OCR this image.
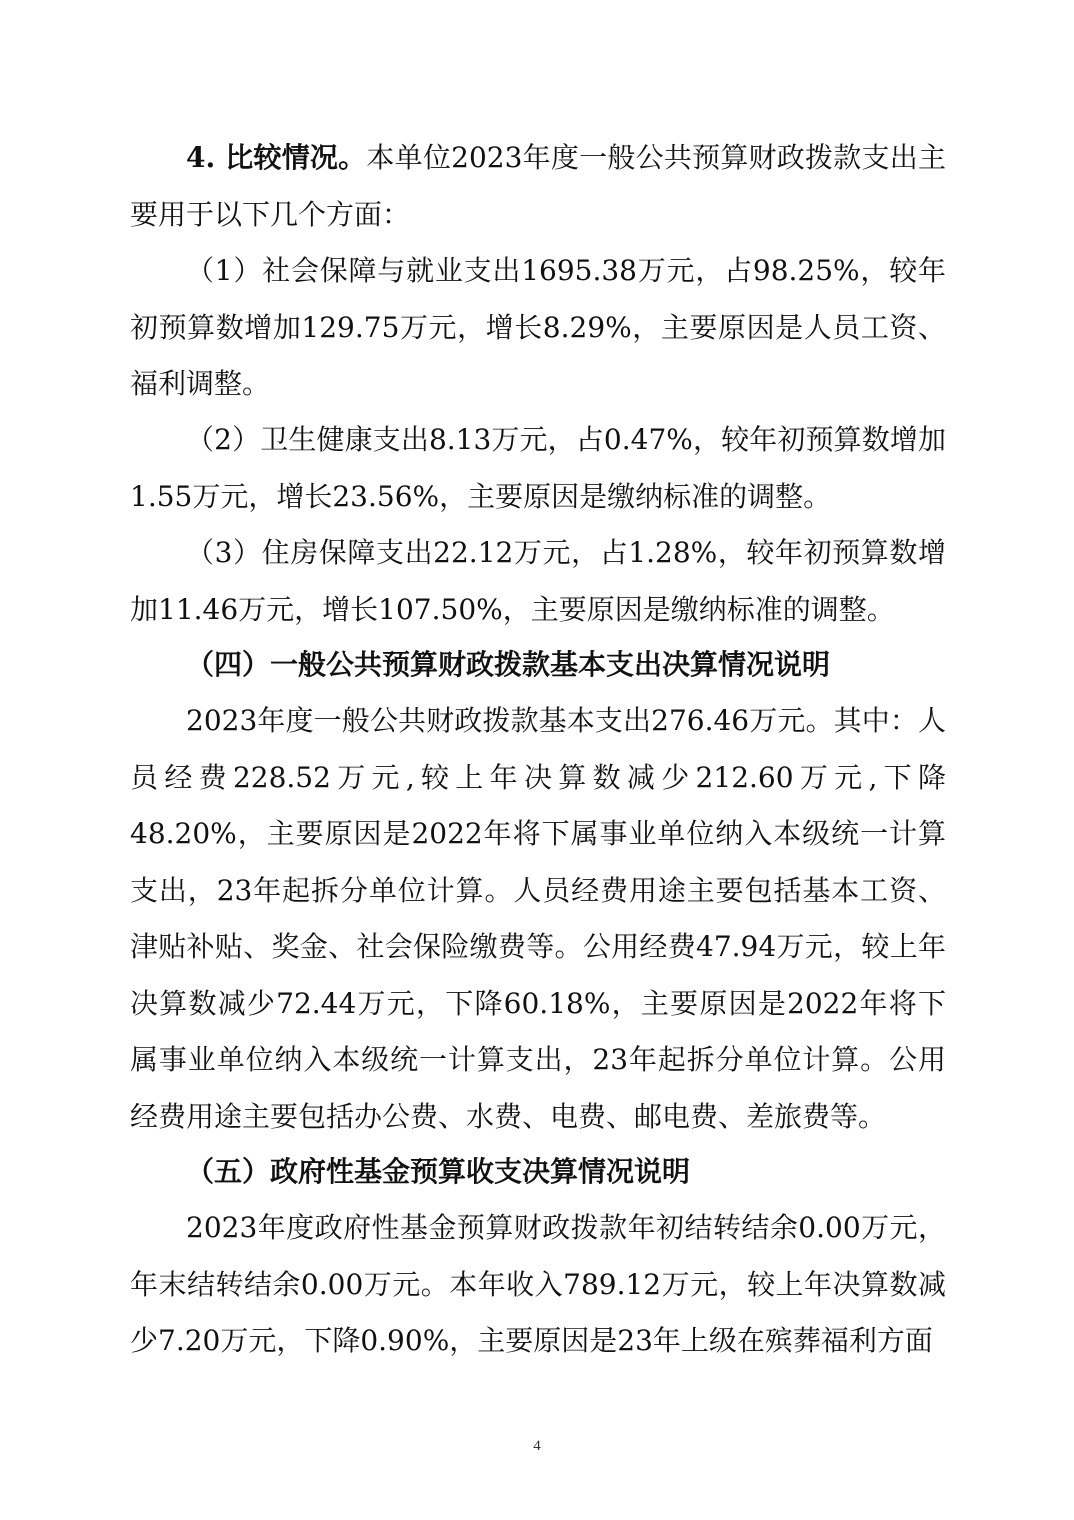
4. 比较情况。本单位2023年度一般公共预算财政拨款支出主要用于以下几个方面：

（1）社会保障与就业支出1695.38万元，占98.25%，较年初预算数增加129.75万元，增长8.29%，主要原因是人员工资、福利调整。

（2）卫生健康支出8.13万元，占0.47%，较年初预算数增加1.55万元，增长23.56%，主要原因是缴纳标准的调整。

（3）住房保障支出22.12万元，占1.28%，较年初预算数增加11.46万元，增长107.50%，主要原因是缴纳标准的调整。

（四）一般公共预算财政拨款基本支出决算情况说明

2023年度一般公共财政拨款基本支出276.46万元。其中：人员经费228.52万元,较上年决算数减少212.60万元,下降48.20%，主要原因是2022年将下属事业单位纳入本级统一计算支出，23年起拆分单位计算。人员经费用途主要包括基本工资、津贴补贴、奖金、社会保险缴费等。公用经费47.94万元，较上年决算数减少72.44万元，下降60.18%，主要原因是2022年将下属事业单位纳入本级统一计算支出，23年起拆分单位计算。公用经费用途主要包括办公费、水费、电费、邮电费、差旅费等。

（五）政府性基金预算收支决算情况说明

2023年度政府性基金预算财政拨款年初结转结余0.00万元，年末结转结余0.00万元。本年收入789.12万元，较上年决算数减少7.20万元，下降0.90%，主要原因是23年上级在殡葬福利方面

4
